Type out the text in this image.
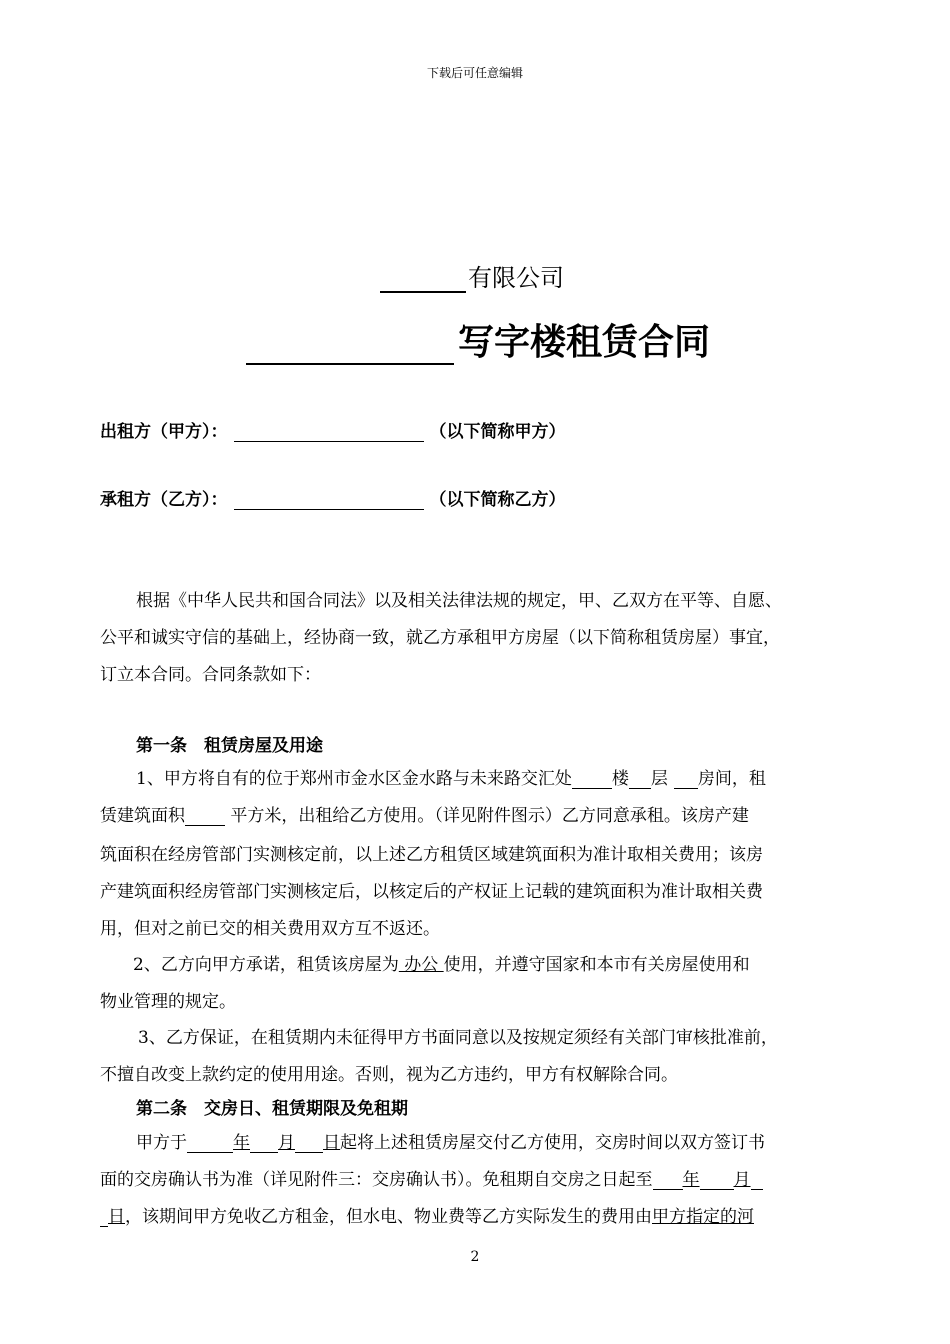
下载后可任意编辑
有限公司
写字楼租赁合同
出租方（甲方）：	（以下简称甲方）
承租方（乙方）：	（以下简称乙方）
根据《中华人民共和国合同法》以及相关法律法规的规定，甲、乙双方在平等、自愿、
公平和诚实守信的基础上，经协商一致，就乙方承租甲方房屋（以下简称租赁房屋）事宜，
订立本合同。合同条款如下：
第一条　租赁房屋及用途
1、甲方将自有的位于郑州市金水区金水路与未来路交汇处 楼 层 房间，租
赁建筑面积 平方米，出租给乙方使用。（详见附件图示）乙方同意承租。该房产建
筑面积在经房管部门实测核定前，以上述乙方租赁区域建筑面积为准计取相关费用；该房
产建筑面积经房管部门实测核定后，以核定后的产权证上记载的建筑面积为准计取相关费
用，但对之前已交的相关费用双方互不返还。
2、乙方向甲方承诺，租赁该房屋为 办公 使用，并遵守国家和本市有关房屋使用和
物业管理的规定。
3、乙方保证，在租赁期内未征得甲方书面同意以及按规定须经有关部门审核批准前，
不擅自改变上款约定的使用用途。否则，视为乙方违约，甲方有权解除合同。
第二条　交房日、租赁期限及免租期
甲方于	年 月 日起将上述租赁房屋交付乙方使用，交房时间以双方签订书
面的交房确认书为准（详见附件三：交房确认书）。免租期自交房之日起至 年 月
日，该期间甲方免收乙方租金，但水电、物业费等乙方实际发生的费用由甲方指定的河
2
